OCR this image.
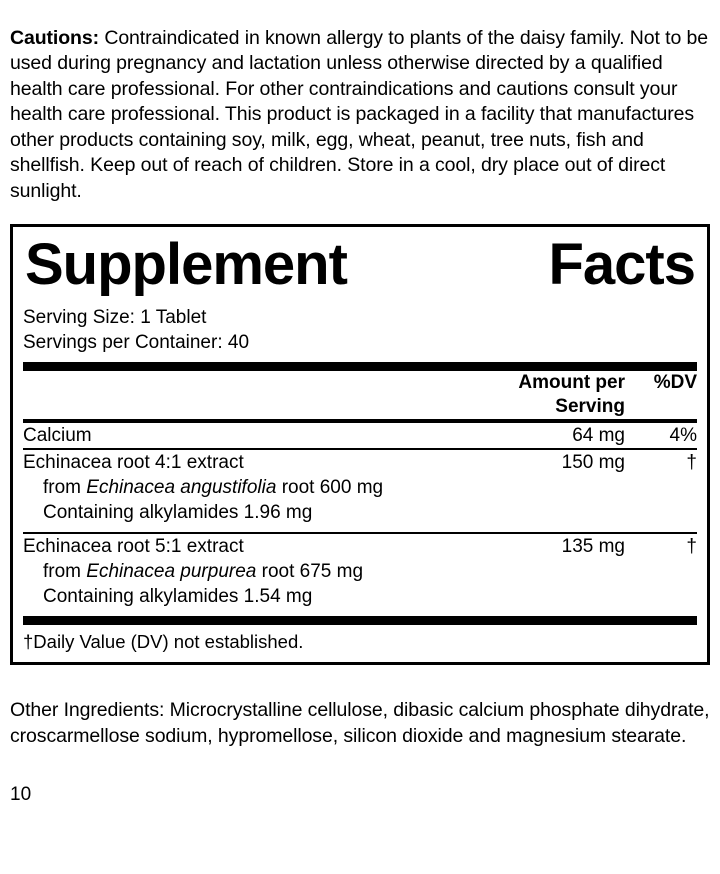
Cautions: Contraindicated in known allergy to plants of the daisy family. Not to be used during pregnancy and lactation unless otherwise directed by a qualified health care professional. For other contraindications and cautions consult your health care professional. This product is packaged in a facility that manufactures other products containing soy, milk, egg, wheat, peanut, tree nuts, fish and shellfish. Keep out of reach of children. Store in a cool, dry place out of direct sunlight.

Supplement	Facts
Serving Size: 1 Tablet
Servings per Container: 40
	Amount per Serving	%DV
Calcium	64 mg	4%
Echinacea root 4:1 extract	150 mg	†
from Echinacea angustifolia root 600 mg
Containing alkylamides 1.96 mg
Echinacea root 5:1 extract	135 mg	†
from Echinacea purpurea root 675 mg
Containing alkylamides 1.54 mg
†Daily Value (DV) not established.

Other Ingredients: Microcrystalline cellulose, dibasic calcium phosphate dihydrate, croscarmellose sodium, hypromellose, silicon dioxide and magnesium stearate.

10
